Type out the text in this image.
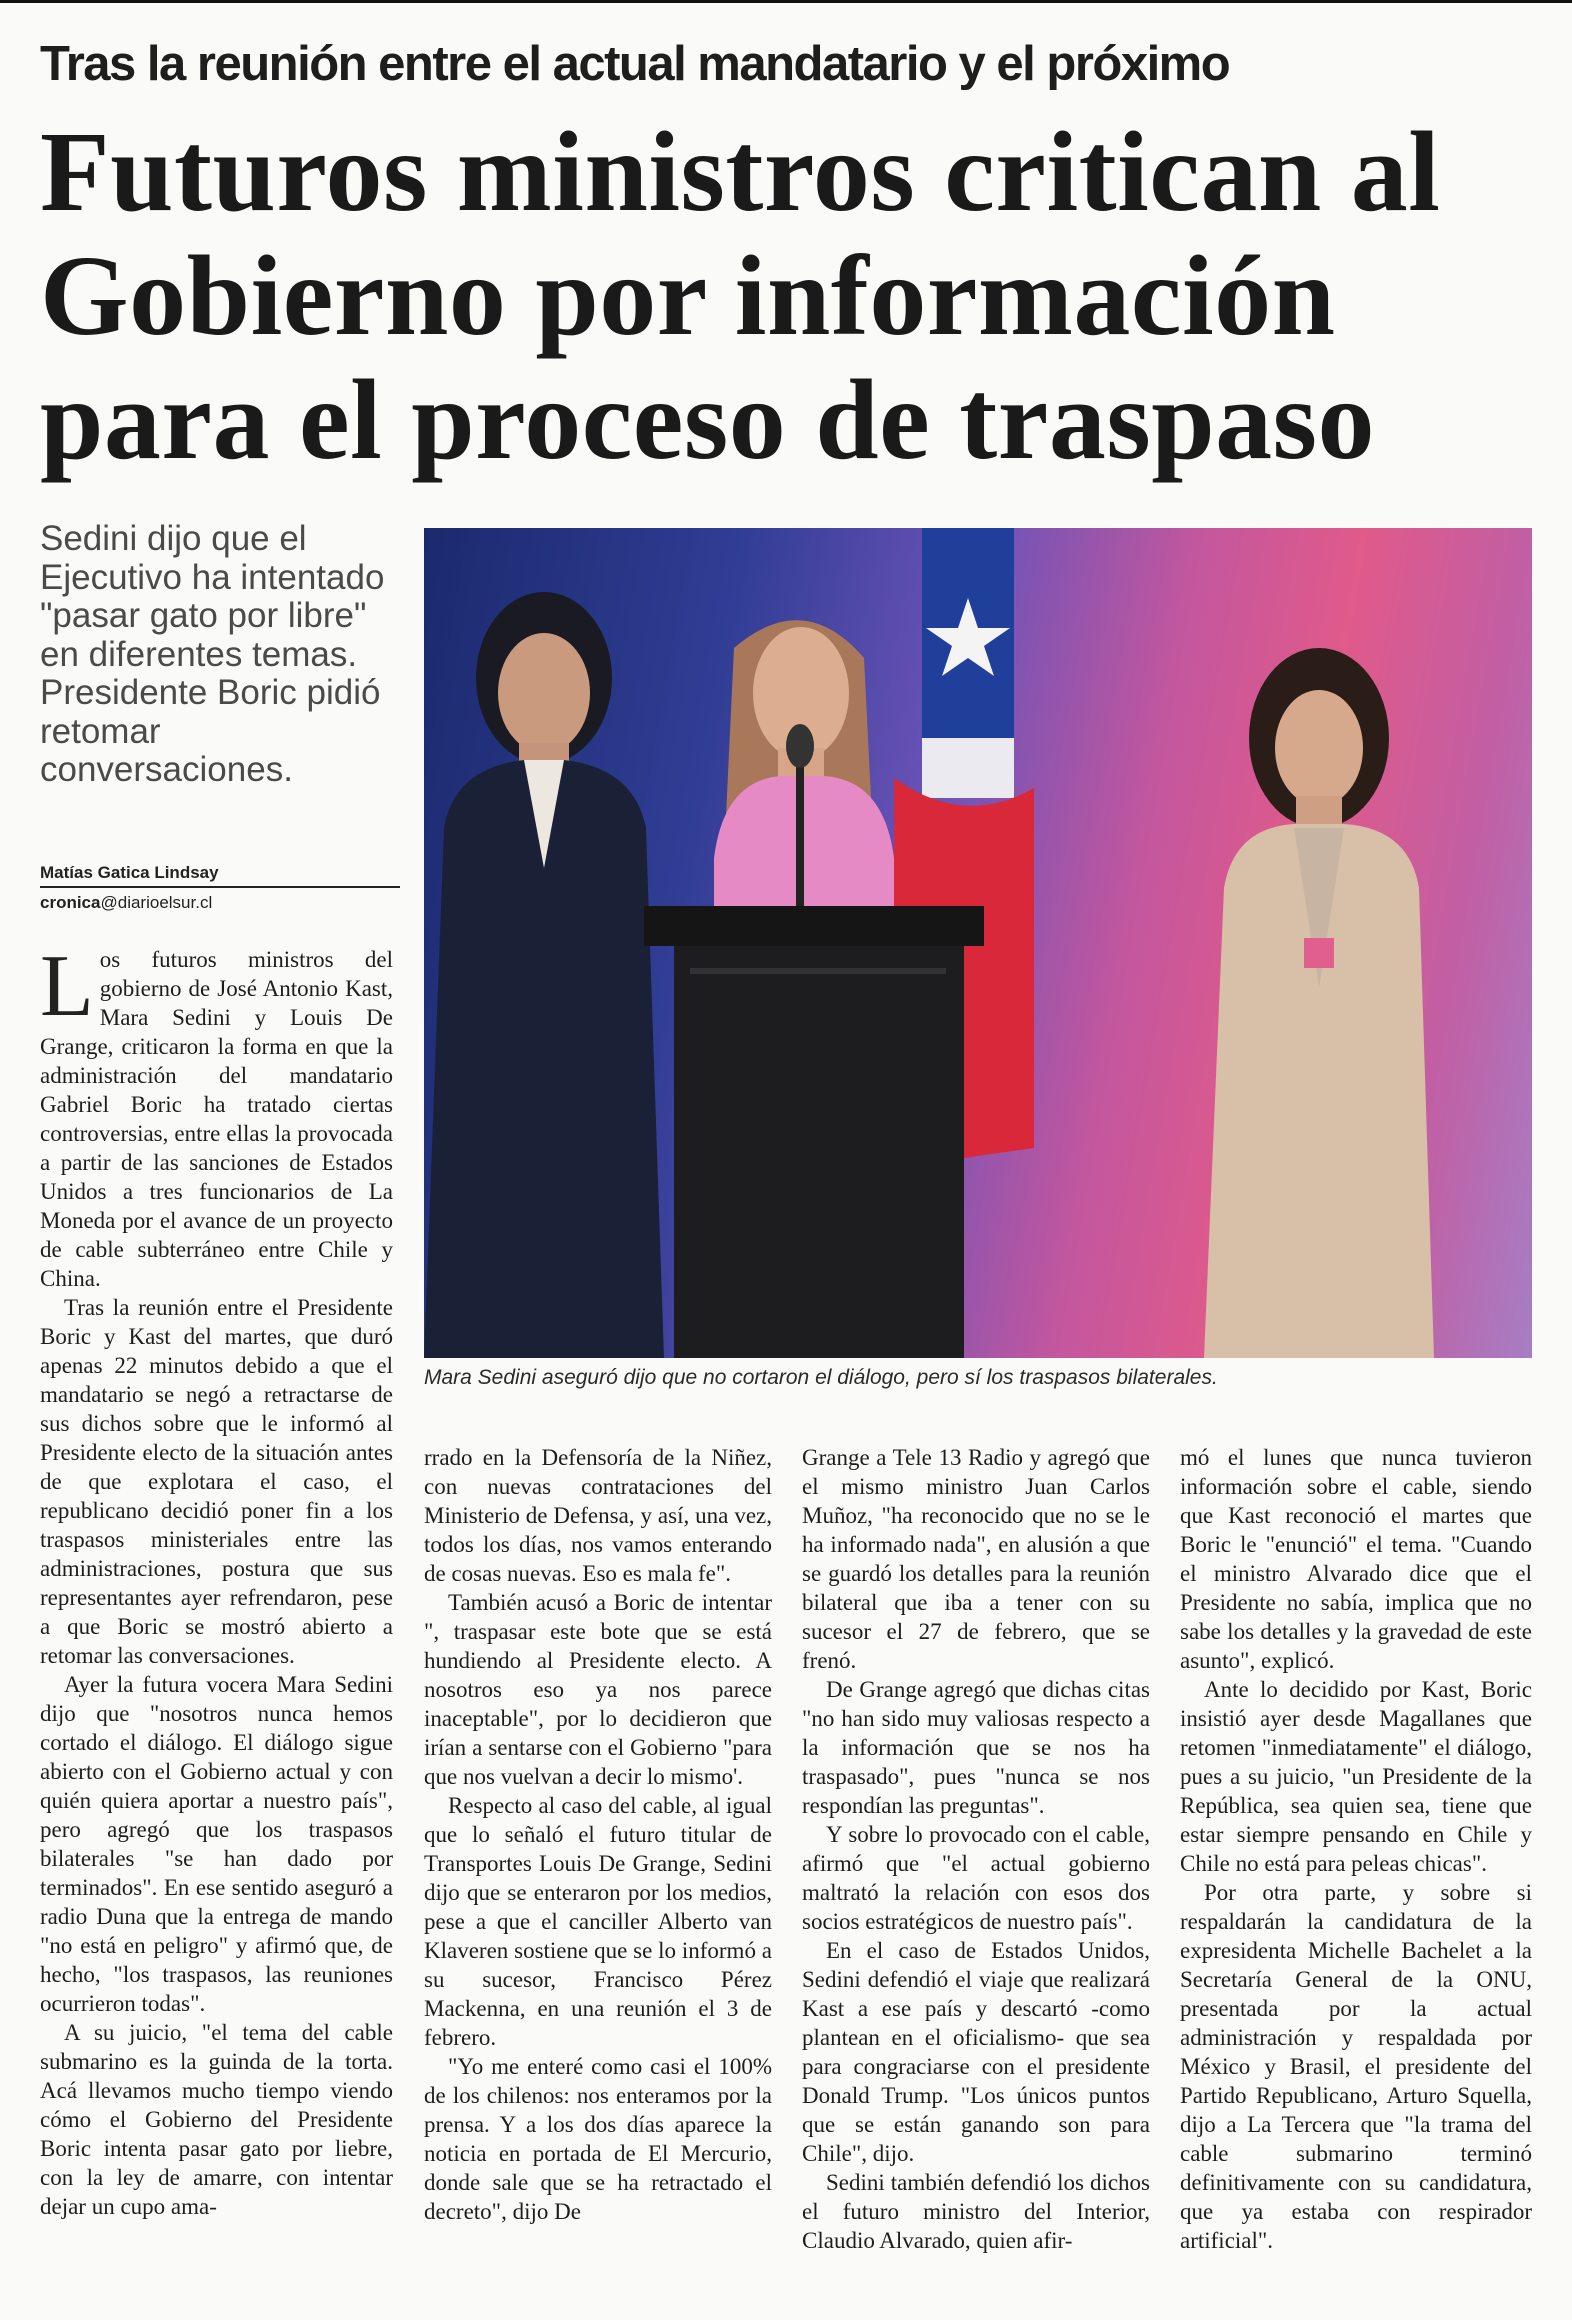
Tras la reunión entre el actual mandatario y el próximo
Futuros ministros critican al
Gobierno por información
para el proceso de traspaso
Sedini dijo que el Ejecutivo ha intentado "pasar gato por libre" en diferentes temas. Presidente Boric pidió retomar conversaciones.
Matías Gatica Lindsay
cronica@diarioelsur.cl
Mara Sedini aseguró dijo que no cortaron el diálogo, pero sí los traspasos bilaterales.

Los futuros ministros del gobierno de José Antonio Kast, Mara Sedini y Louis De Grange, criticaron la forma en que la administración del mandatario Gabriel Boric ha tratado ciertas controversias, entre ellas la provocada a partir de las sanciones de Estados Unidos a tres funcionarios de La Moneda por el avance de un proyecto de cable subterráneo entre Chile y China.

Tras la reunión entre el Presidente Boric y Kast del martes, que duró apenas 22 minutos debido a que el mandatario se negó a retractarse de sus dichos sobre que le informó al Presidente electo de la situación antes de que explotara el caso, el republicano decidió poner fin a los traspasos ministeriales entre las administraciones, postura que sus representantes ayer refrendaron, pese a que Boric se mostró abierto a retomar las conversaciones.

Ayer la futura vocera Mara Sedini dijo que "nosotros nunca hemos cortado el diálogo. El diálogo sigue abierto con el Gobierno actual y con quién quiera aportar a nuestro país", pero agregó que los traspasos bilaterales "se han dado por terminados". En ese sentido aseguró a radio Duna que la entrega de mando "no está en peligro" y afirmó que, de hecho, "los traspasos, las reuniones ocurrieron todas".

A su juicio, "el tema del cable submarino es la guinda de la torta. Acá llevamos mucho tiempo viendo cómo el Gobierno del Presidente Boric intenta pasar gato por liebre, con la ley de amarre, con intentar dejar un cupo ama-

rrado en la Defensoría de la Niñez, con nuevas contrataciones del Ministerio de Defensa, y así, una vez, todos los días, nos vamos enterando de cosas nuevas. Eso es mala fe".

También acusó a Boric de intentar ", traspasar este bote que se está hundiendo al Presidente electo. A nosotros eso ya nos parece inaceptable", por lo decidieron que irían a sentarse con el Gobierno "para que nos vuelvan a decir lo mismo'.

Respecto al caso del cable, al igual que lo señaló el futuro titular de Transportes Louis De Grange, Sedini dijo que se enteraron por los medios, pese a que el canciller Alberto van Klaveren sostiene que se lo informó a su sucesor, Francisco Pérez Mackenna, en una reunión el 3 de febrero.

"Yo me enteré como casi el 100% de los chilenos: nos enteramos por la prensa. Y a los dos días aparece la noticia en portada de El Mercurio, donde sale que se ha retractado el decreto", dijo De

Grange a Tele 13 Radio y agregó que el mismo ministro Juan Carlos Muñoz, "ha reconocido que no se le ha informado nada", en alusión a que se guardó los detalles para la reunión bilateral que iba a tener con su sucesor el 27 de febrero, que se frenó.

De Grange agregó que dichas citas "no han sido muy valiosas respecto a la información que se nos ha traspasado", pues "nunca se nos respondían las preguntas".

Y sobre lo provocado con el cable, afirmó que "el actual gobierno maltrató la relación con esos dos socios estratégicos de nuestro país".

En el caso de Estados Unidos, Sedini defendió el viaje que realizará Kast a ese país y descartó -como plantean en el oficialismo- que sea para congraciarse con el presidente Donald Trump. "Los únicos puntos que se están ganando son para Chile", dijo.

Sedini también defendió los dichos el futuro ministro del Interior, Claudio Alvarado, quien afir-

mó el lunes que nunca tuvieron información sobre el cable, siendo que Kast reconoció el martes que Boric le "enunció" el tema. "Cuando el ministro Alvarado dice que el Presidente no sabía, implica que no sabe los detalles y la gravedad de este asunto", explicó.

Ante lo decidido por Kast, Boric insistió ayer desde Magallanes que retomen "inmediatamente" el diálogo, pues a su juicio, "un Presidente de la República, sea quien sea, tiene que estar siempre pensando en Chile y Chile no está para peleas chicas".

Por otra parte, y sobre si respaldarán la candidatura de la expresidenta Michelle Bachelet a la Secretaría General de la ONU, presentada por la actual administración y respaldada por México y Brasil, el presidente del Partido Republicano, Arturo Squella, dijo a La Tercera que "la trama del cable submarino terminó definitivamente con su candidatura, que ya estaba con respirador artificial".
